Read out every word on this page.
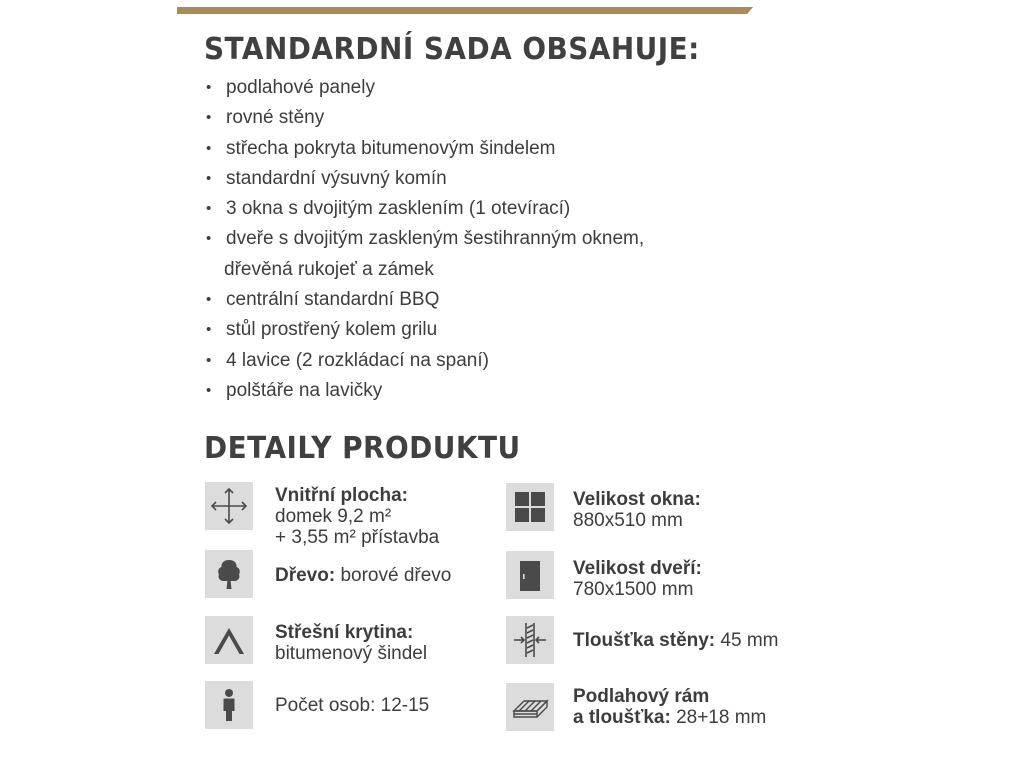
STANDARDNÍ SADA OBSAHUJE:
• podlahové panely
• rovné stěny
• střecha pokryta bitumenovým šindelem
• standardní výsuvný komín
• 3 okna s dvojitým zasklením (1 otevírací)
• dveře s dvojitým zaskleným šestihranným oknem,
dřevěná rukojeť a zámek
• centrální standardní BBQ
• stůl prostřený kolem grilu
• 4 lavice (2 rozkládací na spaní)
• polštáře na lavičky
DETAILY PRODUKTU
Vnitřní plocha:
domek 9,2 m²
+ 3,55 m² přístavba
Dřevo: borové dřevo
Střešní krytina:
bitumenový šindel
Počet osob: 12-15
Velikost okna:
880x510 mm
Velikost dveří:
780x1500 mm
Tloušťka stěny: 45 mm
Podlahový rám
a tloušťka: 28+18 mm
